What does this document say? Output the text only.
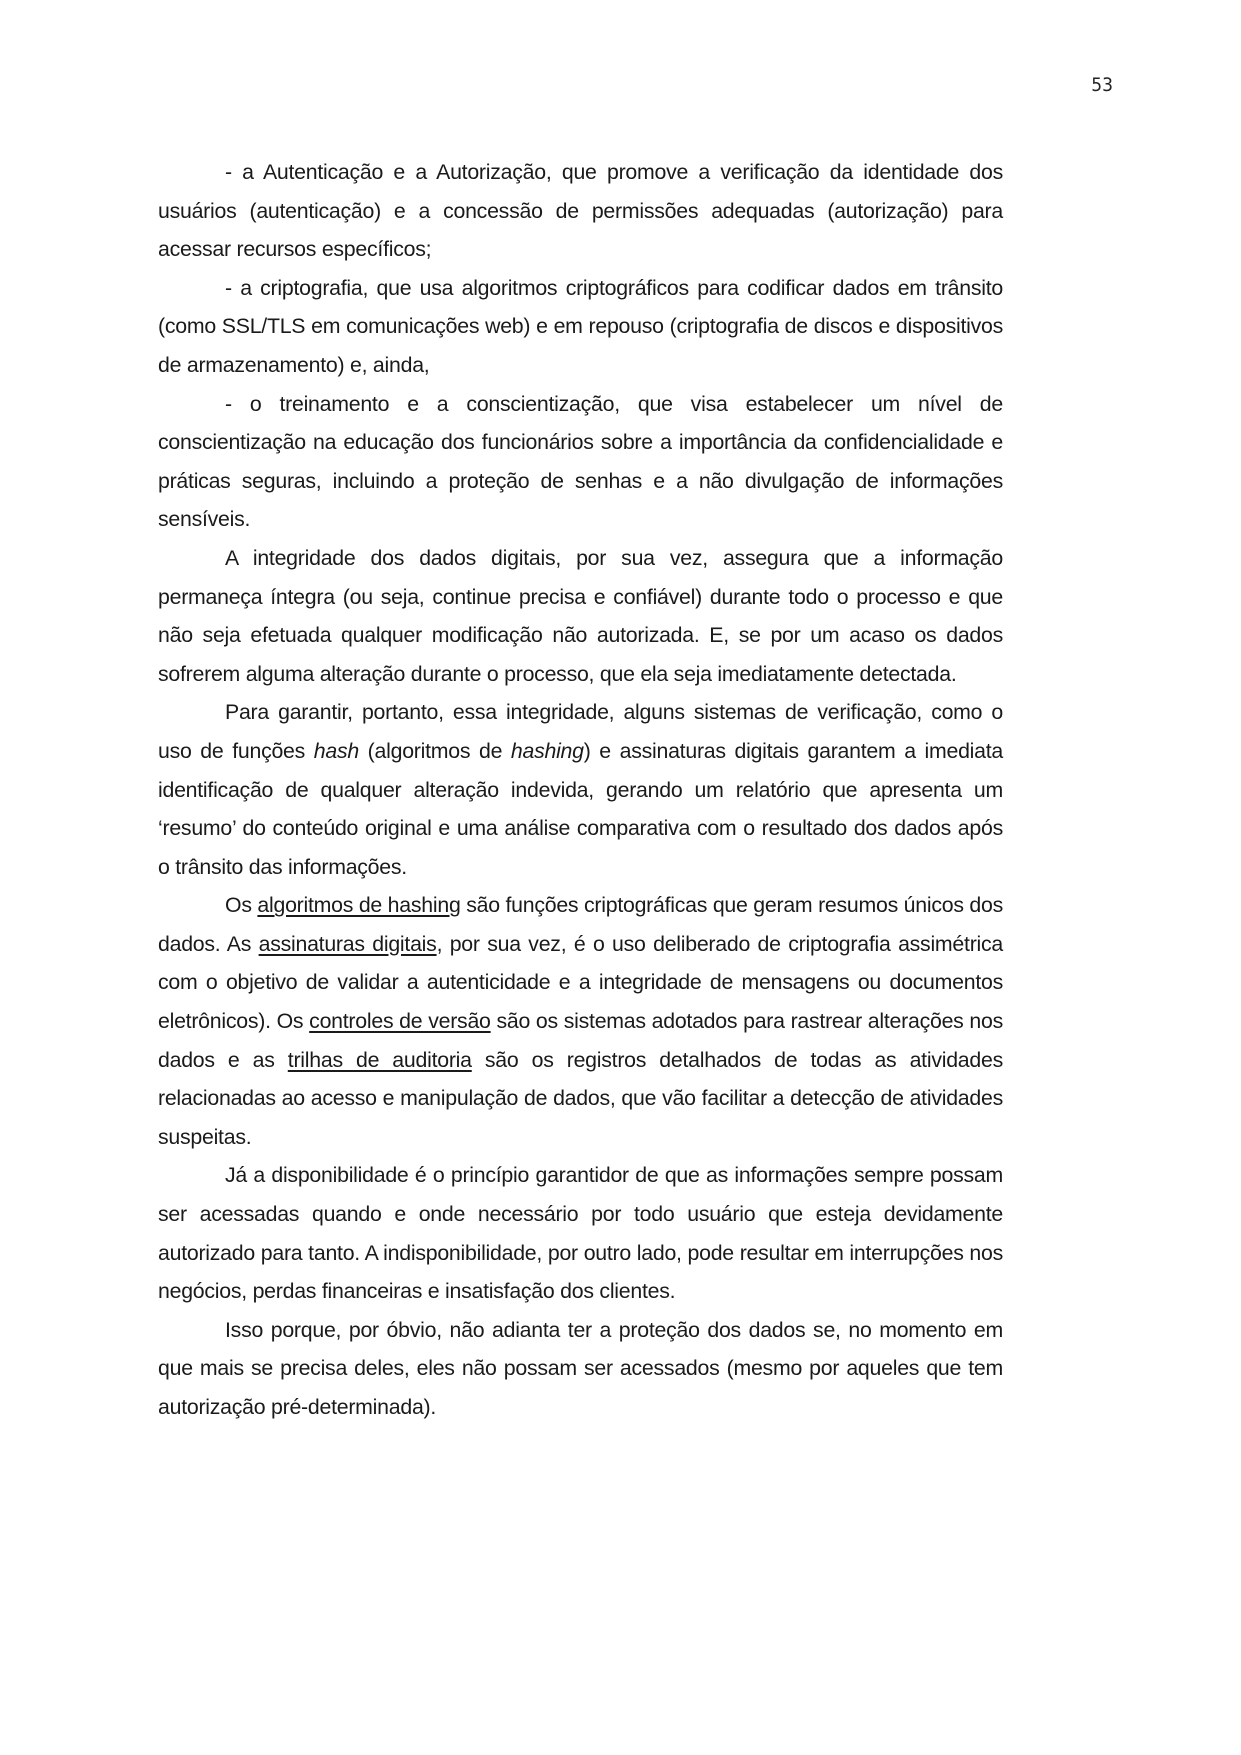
53

- a Autenticação e a Autorização, que promove a verificação da identidade dos usuários (autenticação) e a concessão de permissões adequadas (autorização) para acessar recursos específicos;

- a criptografia, que usa algoritmos criptográficos para codificar dados em trânsito (como SSL/TLS em comunicações web) e em repouso (criptografia de discos e dispositivos de armazenamento) e, ainda,

- o treinamento e a conscientização, que visa estabelecer um nível de conscientização na educação dos funcionários sobre a importância da confidencialidade e práticas seguras, incluindo a proteção de senhas e a não divulgação de informações sensíveis.

A integridade dos dados digitais, por sua vez, assegura que a informação permaneça íntegra (ou seja, continue precisa e confiável) durante todo o processo e que não seja efetuada qualquer modificação não autorizada. E, se por um acaso os dados sofrerem alguma alteração durante o processo, que ela seja imediatamente detectada.

Para garantir, portanto, essa integridade, alguns sistemas de verificação, como o uso de funções hash (algoritmos de hashing) e assinaturas digitais garantem a imediata identificação de qualquer alteração indevida, gerando um relatório que apresenta um ‘resumo’ do conteúdo original e uma análise comparativa com o resultado dos dados após o trânsito das informações.

Os algoritmos de hashing são funções criptográficas que geram resumos únicos dos dados. As assinaturas digitais, por sua vez, é o uso deliberado de criptografia assimétrica com o objetivo de validar a autenticidade e a integridade de mensagens ou documentos eletrônicos). Os controles de versão são os sistemas adotados para rastrear alterações nos dados e as trilhas de auditoria são os registros detalhados de todas as atividades relacionadas ao acesso e manipulação de dados, que vão facilitar a detecção de atividades suspeitas.

Já a disponibilidade é o princípio garantidor de que as informações sempre possam ser acessadas quando e onde necessário por todo usuário que esteja devidamente autorizado para tanto. A indisponibilidade, por outro lado, pode resultar em interrupções nos negócios, perdas financeiras e insatisfação dos clientes.

Isso porque, por óbvio, não adianta ter a proteção dos dados se, no momento em que mais se precisa deles, eles não possam ser acessados (mesmo por aqueles que tem autorização pré-determinada).
